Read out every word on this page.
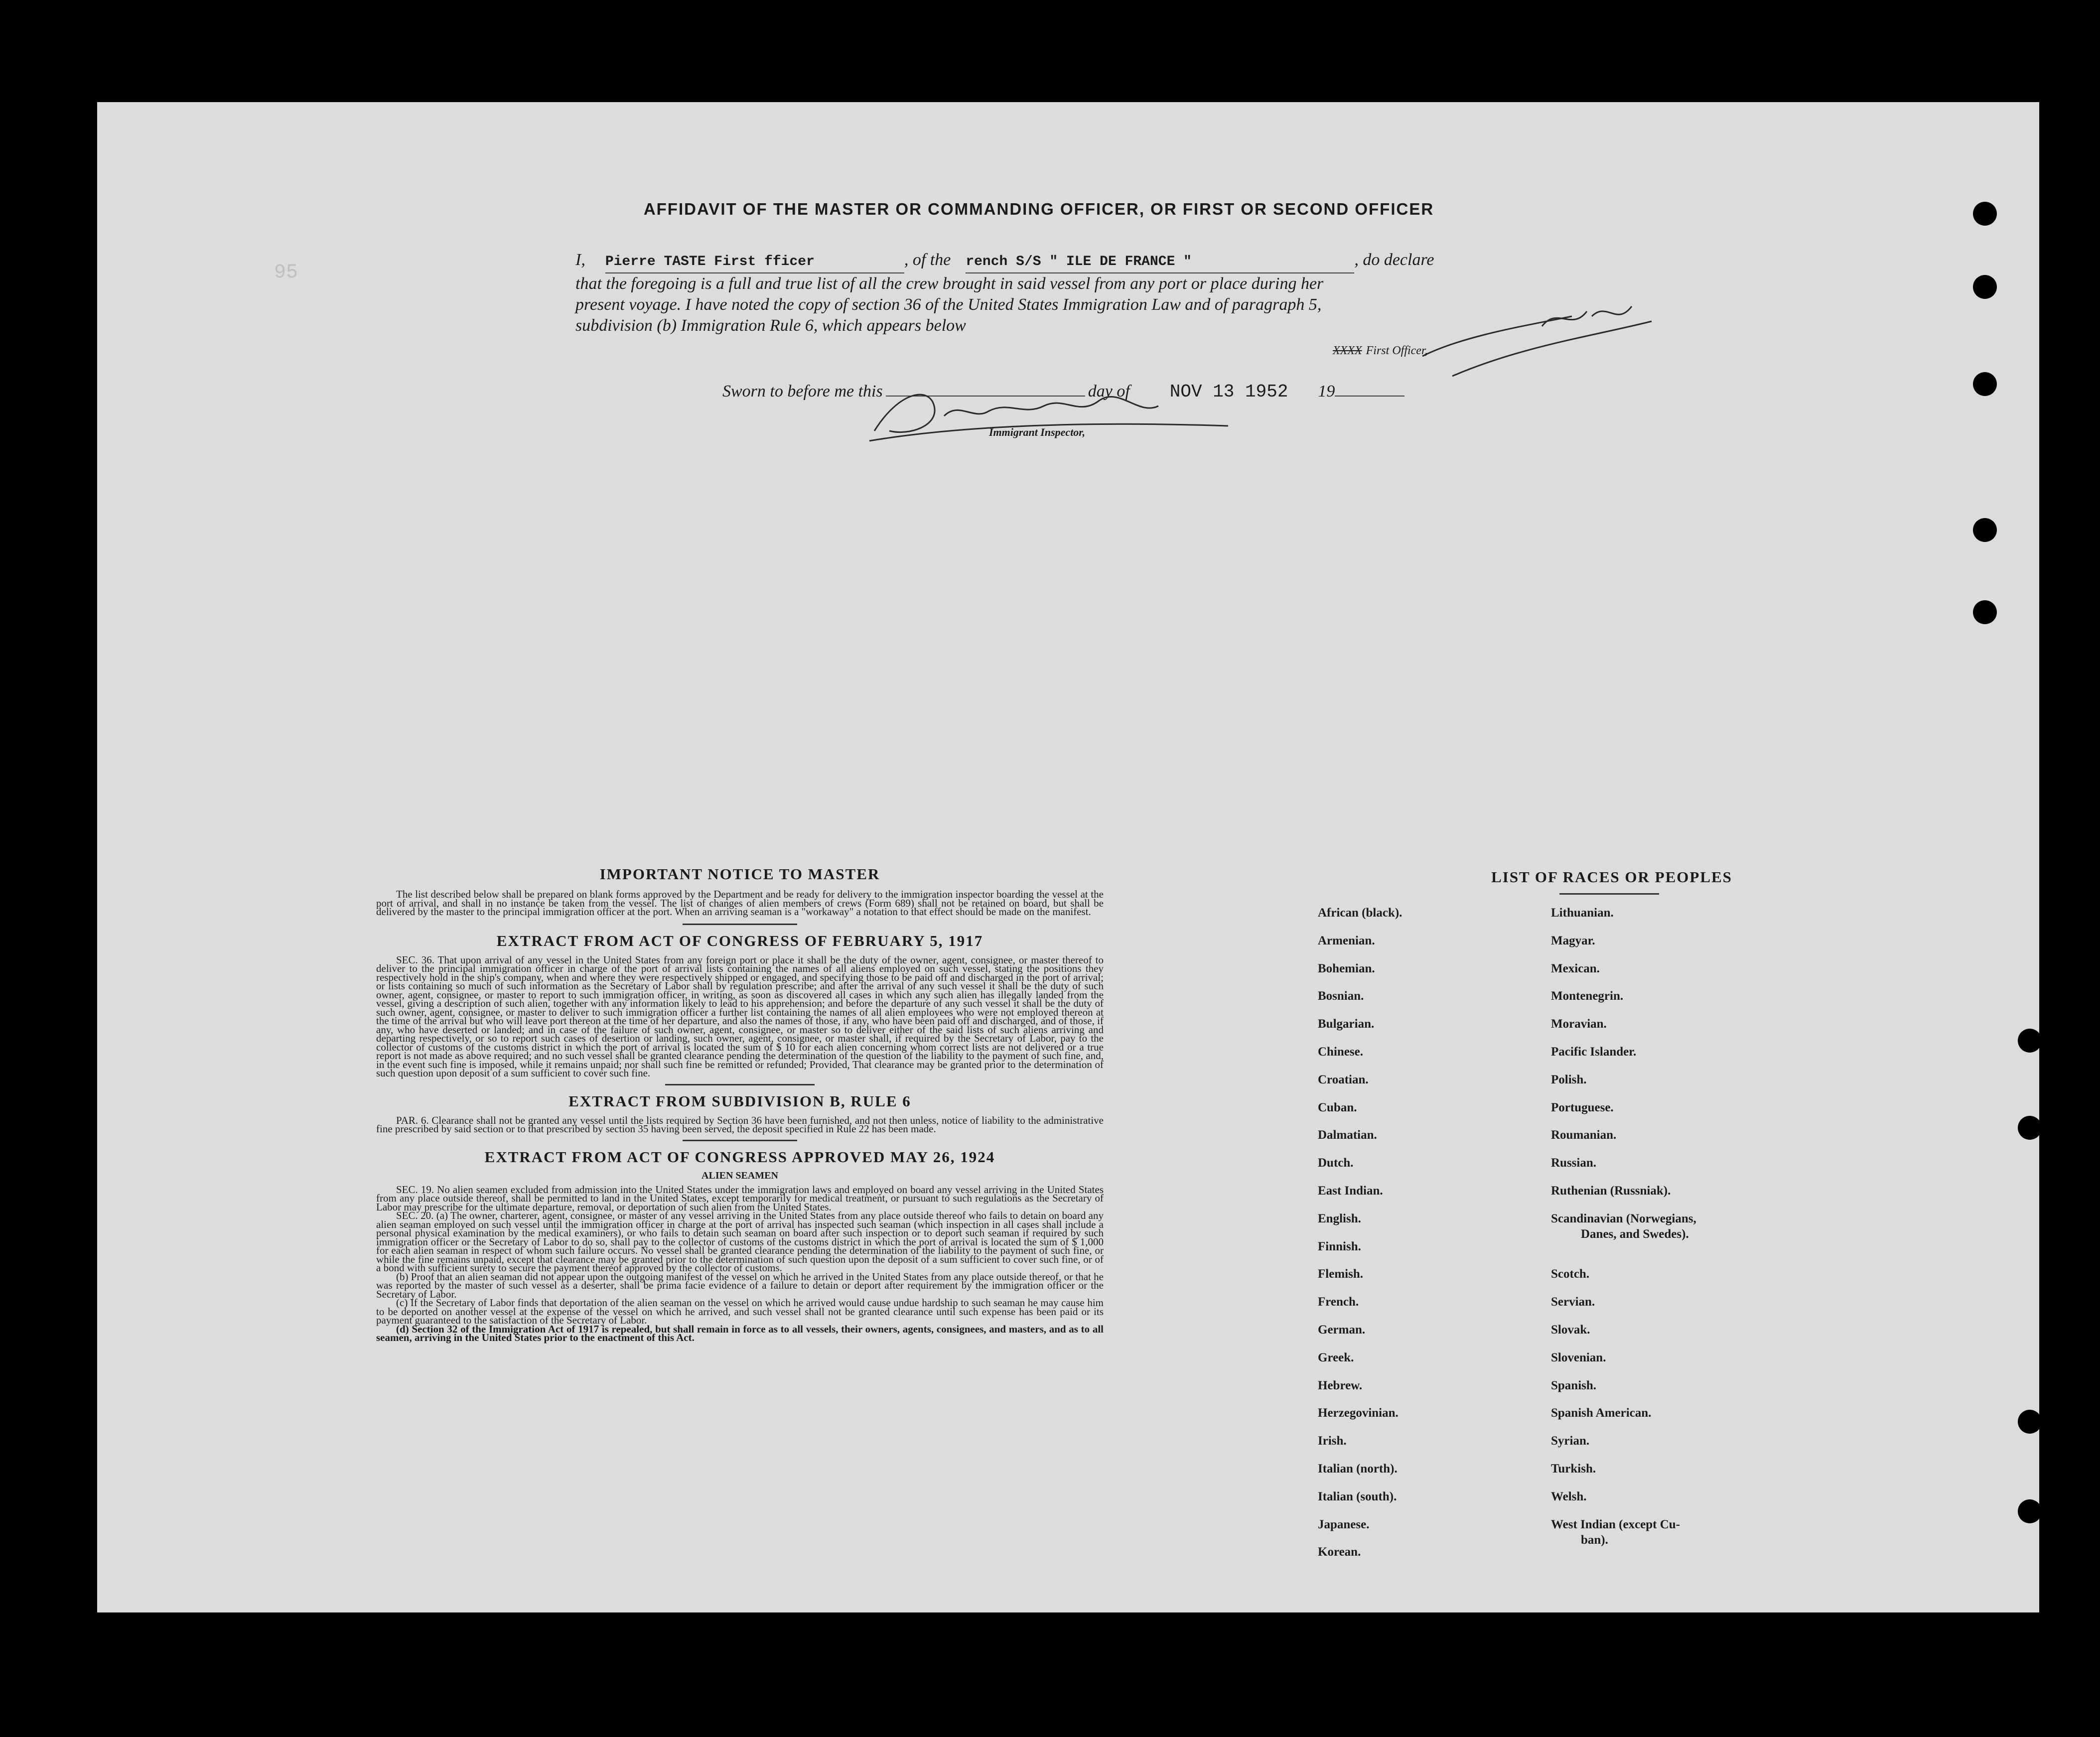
95
AFFIDAVIT OF THE MASTER OR COMMANDING OFFICER, OR FIRST OR SECOND OFFICER
I, Pierre TASTE First fficer	, of the rench S/S " ILE DE FRANCE "	, do declare
that the foregoing is a full and true list of all the crew brought in said vessel from any port or place during her
present voyage. I have noted the copy of section 36 of the United States Immigration Law and of paragraph 5,
subdivision (b) Immigration Rule 6, which appears below
XXXX First Officer,
Sworn to before me this	day of NOV 13 1952 19
Immigrant Inspector,
IMPORTANT NOTICE TO MASTER
The list described below shall be prepared on blank forms approved by the Department and be ready for delivery to the immigration inspector boarding the vessel at the port of arrival, and shall in no instance be taken from the vessel. The list of changes of alien members of crews (Form 689) shall not be retained on board, but shall be delivered by the master to the principal immigration officer at the port. When an arriving seaman is a "workaway" a notation to that effect should be made on the manifest.
EXTRACT FROM ACT OF CONGRESS OF FEBRUARY 5, 1917
SEC. 36. That upon arrival of any vessel in the United States from any foreign port or place it shall be the duty of the owner, agent, consignee, or master thereof to deliver to the principal immigration officer in charge of the port of arrival lists containing the names of all aliens employed on such vessel, stating the positions they respectively hold in the ship's company, when and where they were respectively shipped or engaged, and specifying those to be paid off and discharged in the port of arrival; or lists containing so much of such information as the Secretary of Labor shall by regulation prescribe; and after the arrival of any such vessel it shall be the duty of such owner, agent, consignee, or master to report to such immigration officer, in writing, as soon as discovered all cases in which any such alien has illegally landed from the vessel, giving a description of such alien, together with any information likely to lead to his apprehension; and before the departure of any such vessel it shall be the duty of such owner, agent, consignee, or master to deliver to such immigration officer a further list containing the names of all alien employees who were not employed thereon at the time of the arrival but who will leave port thereon at the time of her departure, and also the names of those, if any, who have been paid off and discharged, and of those, if any, who have deserted or landed; and in case of the failure of such owner, agent, consignee, or master so to deliver either of the said lists of such aliens arriving and departing respectively, or so to report such cases of desertion or landing, such owner, agent, consignee, or master shall, if required by the Secretary of Labor, pay to the collector of customs of the customs district in which the port of arrival is located the sum of $ 10 for each alien concerning whom correct lists are not delivered or a true report is not made as above required; and no such vessel shall be granted clearance pending the determination of the question of the liability to the payment of such fine, and, in the event such fine is imposed, while it remains unpaid; nor shall such fine be remitted or refunded; Provided, That clearance may be granted prior to the determination of such question upon deposit of a sum sufficient to cover such fine.
EXTRACT FROM SUBDIVISION B, RULE 6
PAR. 6. Clearance shall not be granted any vessel until the lists required by Section 36 have been furnished, and not then unless, notice of liability to the administrative fine prescribed by said section or to that prescribed by section 35 having been served, the deposit specified in Rule 22 has been made.
EXTRACT FROM ACT OF CONGRESS APPROVED MAY 26, 1924
ALIEN SEAMEN
SEC. 19. No alien seamen excluded from admission into the United States under the immigration laws and employed on board any vessel arriving in the United States from any place outside thereof, shall be permitted to land in the United States, except temporarily for medical treatment, or pursuant to such regulations as the Secretary of Labor may prescribe for the ultimate departure, removal, or deportation of such alien from the United States.
SEC. 20. (a) The owner, charterer, agent, consignee, or master of any vessel arriving in the United States from any place outside thereof who fails to detain on board any alien seaman employed on such vessel until the immigration officer in charge at the port of arrival has inspected such seaman (which inspection in all cases shall include a personal physical examination by the medical examiners), or who fails to detain such seaman on board after such inspection or to deport such seaman if required by such immigration officer or the Secretary of Labor to do so, shall pay to the collector of customs of the customs district in which the port of arrival is located the sum of $ 1,000 for each alien seaman in respect of whom such failure occurs. No vessel shall be granted clearance pending the determination of the liability to the payment of such fine, or while the fine remains unpaid, except that clearance may be granted prior to the determination of such question upon the deposit of a sum sufficient to cover such fine, or of a bond with sufficient surety to secure the payment thereof approved by the collector of customs.
(b) Proof that an alien seaman did not appear upon the outgoing manifest of the vessel on which he arrived in the United States from any place outside thereof, or that he was reported by the master of such vessel as a deserter, shall be prima facie evidence of a failure to detain or deport after requirement by the immigration officer or the Secretary of Labor.
(c) If the Secretary of Labor finds that deportation of the alien seaman on the vessel on which he arrived would cause undue hardship to such seaman he may cause him to be deported on another vessel at the expense of the vessel on which he arrived, and such vessel shall not be granted clearance until such expense has been paid or its payment guaranteed to the satisfaction of the Secretary of Labor.
(d) Section 32 of the Immigration Act of 1917 is repealed, but shall remain in force as to all vessels, their owners, agents, consignees, and masters, and as to all seamen, arriving in the United States prior to the enactment of this Act.
LIST OF RACES OR PEOPLES
African (black).
Armenian.
Bohemian.
Bosnian.
Bulgarian.
Chinese.
Croatian.
Cuban.
Dalmatian.
Dutch.
East Indian.
English.
Finnish.
Flemish.
French.
German.
Greek.
Hebrew.
Herzegovinian.
Irish.
Italian (north).
Italian (south).
Japanese.
Korean.
Lithuanian.
Magyar.
Mexican.
Montenegrin.
Moravian.
Pacific Islander.
Polish.
Portuguese.
Roumanian.
Russian.
Ruthenian (Russniak).
Scandinavian (Norwegians,
Danes, and Swedes).
Scotch.
Servian.
Slovak.
Slovenian.
Spanish.
Spanish American.
Syrian.
Turkish.
Welsh.
West Indian (except Cu-
ban).
